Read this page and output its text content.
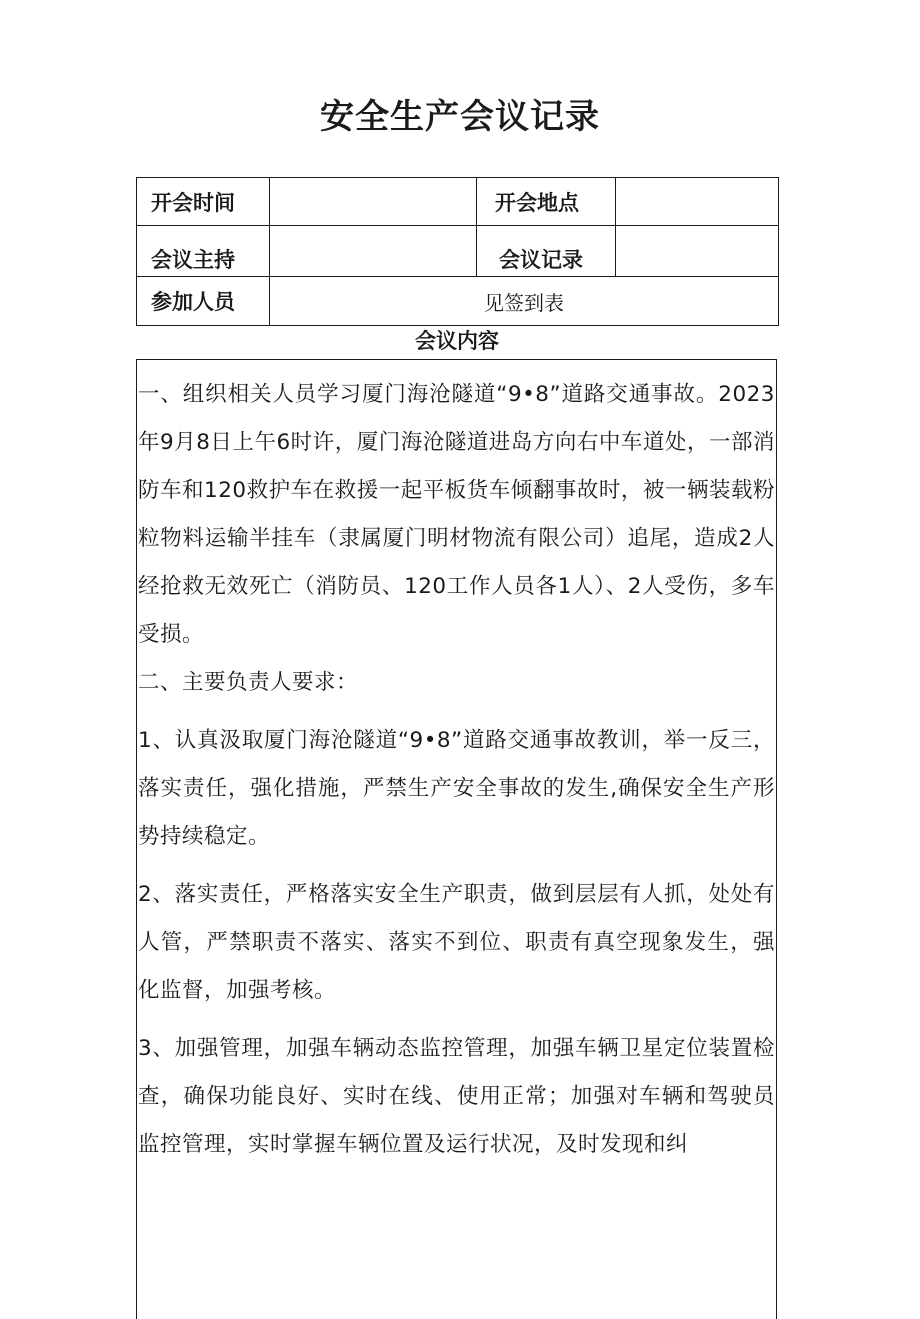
安全生产会议记录
开会时间		开会地点	
会议主持		会议记录	
参加人员	见签到表		
会议内容

一、组织相关人员学习厦门海沧隧道“9•8”道路交通事故。2023年9月8日上午6时许，厦门海沧隧道进岛方向右中车道处，一部消防车和120救护车在救援一起平板货车倾翻事故时，被一辆装载粉粒物料运输半挂车（隶属厦门明材物流有限公司）追尾，造成2人经抢救无效死亡（消防员、120工作人员各1人）、2人受伤，多车受损。

二、主要负责人要求：

1、认真汲取厦门海沧隧道“9•8”道路交通事故教训，举一反三，落实责任，强化措施，严禁生产安全事故的发生,确保安全生产形势持续稳定。

2、落实责任，严格落实安全生产职责，做到层层有人抓，处处有人管，严禁职责不落实、落实不到位、职责有真空现象发生，强化监督，加强考核。

3、加强管理，加强车辆动态监控管理，加强车辆卫星定位装置检查，确保功能良好、实时在线、使用正常；加强对车辆和驾驶员监控管理，实时掌握车辆位置及运行状况，及时发现和纠
